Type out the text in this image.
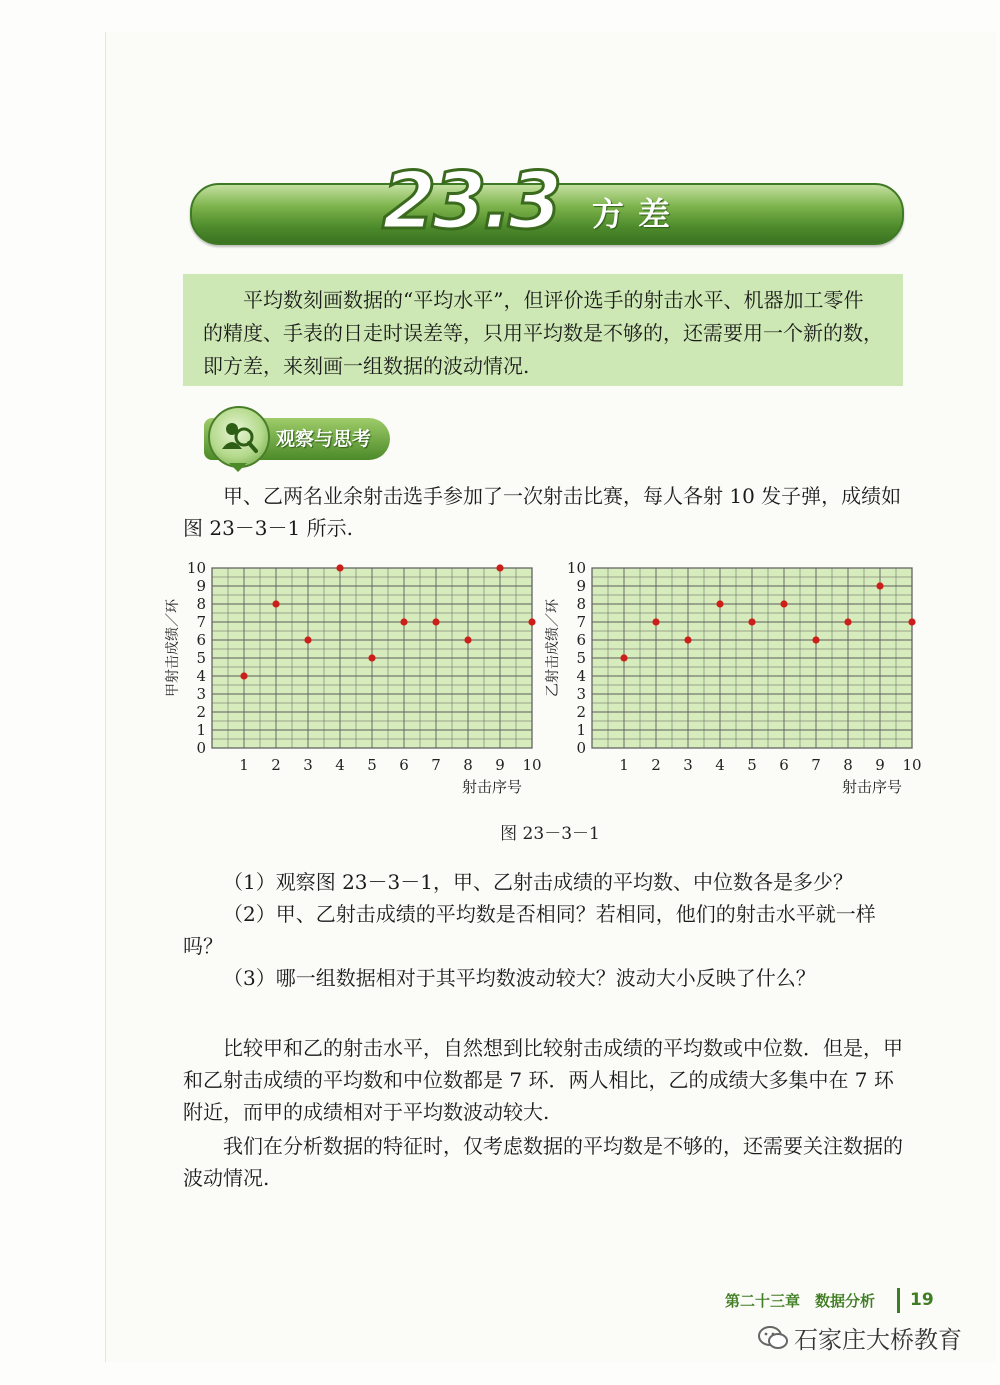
23.3	方差
平均数刻画数据的“平均水平”，但评价选手的射击水平、机器加工零件的精度、手表的日走时误差等，只用平均数是不够的，还需要用一个新的数，即方差，来刻画一组数据的波动情况.
观察与思考
甲、乙两名业余射击选手参加了一次射击比赛，每人各射 10 发子弹，成绩如图 23－3－1 所示.
0
1
2
3
4
5
6
7
8
9
10
1 2 3 4 5 6 7 8 9 10
甲射击成绩／环
射击序号
0
1
2
3
4
5
6
7
8
9
10
1 2 3 4 5 6 7 8 9 10
乙射击成绩／环
射击序号
图 23－3－1
（1）观察图 23－3－1，甲、乙射击成绩的平均数、中位数各是多少？
（2）甲、乙射击成绩的平均数是否相同？若相同，他们的射击水平就一样吗？
（3）哪一组数据相对于其平均数波动较大？波动大小反映了什么？
比较甲和乙的射击水平，自然想到比较射击成绩的平均数或中位数．但是，甲和乙射击成绩的平均数和中位数都是 7 环．两人相比，乙的成绩大多集中在 7 环附近，而甲的成绩相对于平均数波动较大.
我们在分析数据的特征时，仅考虑数据的平均数是不够的，还需要关注数据的波动情况.
第二十三章　数据分析	19
石家庄大桥教育
